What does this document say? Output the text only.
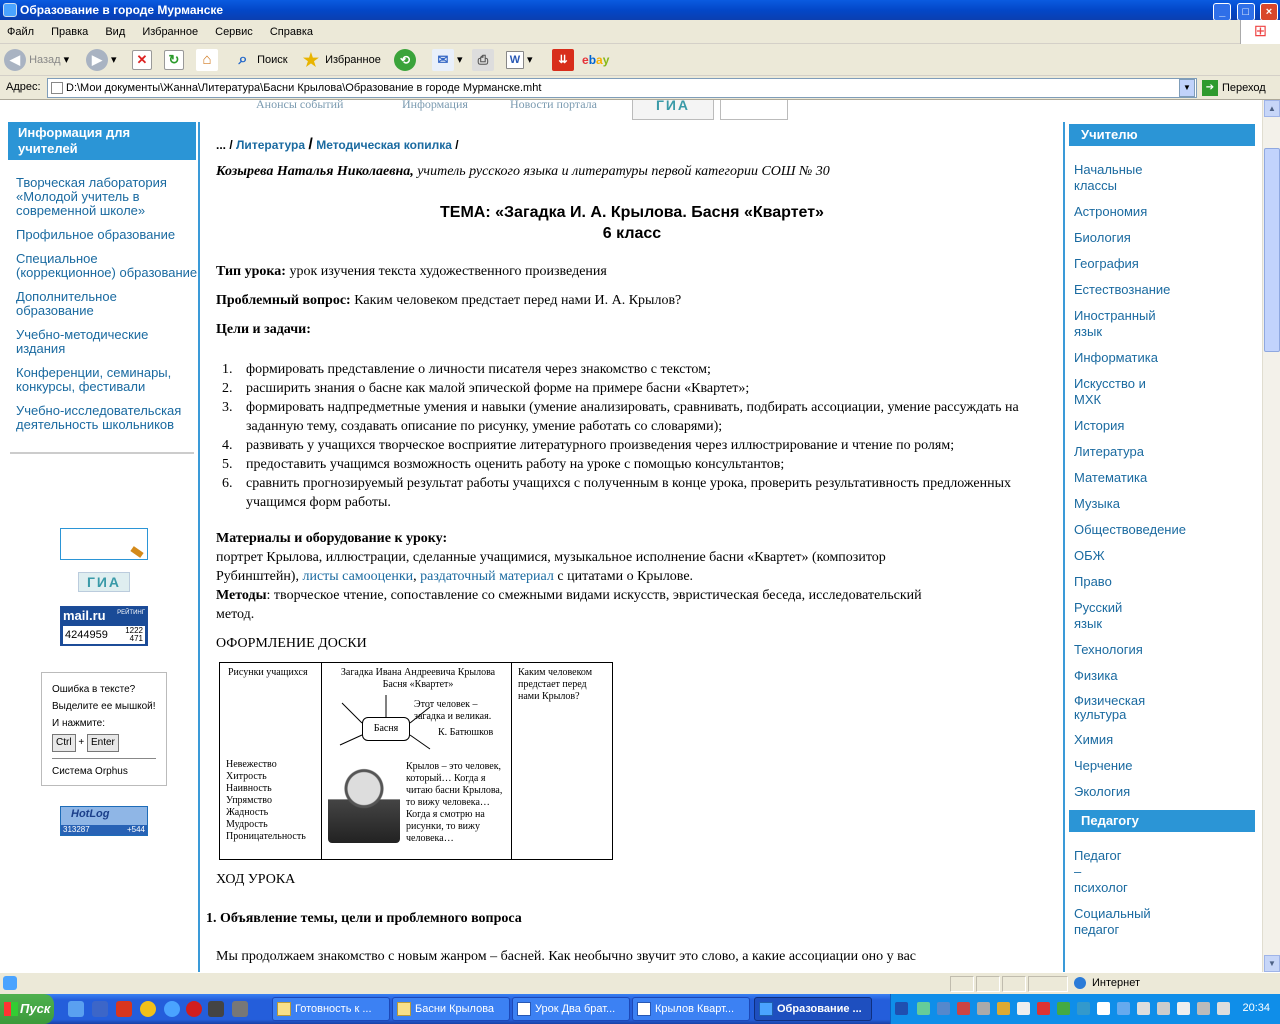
Образование в городе Мурманске	_ □ ×
Файл Правка Вид Избранное Сервис Справка	⊞
◀ Назад ▾	▶ ▾	✕	↻	⌂	⌕ Поиск ★ Избранное	⟲	✉ ▾	⎙	W ▾	⇊	ebay
Адрес:	D:\Мои документы\Жанна\Литература\Басни Крылова\Образование в городе Мурманске.mht	▼	➔ Переход
Анонсы событий	Информация	Новости портала	ГИА
Информация для учителей
Творческая лаборатория «Молодой учитель в современной школе»
Профильное образование
Специальное (коррекционное) образование
Дополнительное образование
Учебно-методические издания
Конференции, семинары, конкурсы, фестивали
Учебно-исследовательская деятельность школьников
ГИА
mail.ru РЕЙТИНГ
4244959	1222
471
Ошибка в тексте?
Выделите ее мышкой!
И нажмите:
Ctrl + Enter
Система Orphus
HotLog
313287	+544
... / Литература / Методическая копилка /
Козырева Наталья Николаевна, учитель русского языка и литературы первой категории СОШ № 30
ТЕМА: «Загадка И. А. Крылова. Басня «Квартет»
6 класс
Тип урока: урок изучения текста художественного произведения
Проблемный вопрос: Каким человеком предстает перед нами И. А. Крылов?
Цели и задачи:
1. формировать представление о личности писателя через знакомство с текстом;
2. расширить знания о басне как малой эпической форме на примере басни «Квартет»;
3. формировать надпредметные умения и навыки (умение анализировать, сравнивать, подбирать ассоциации, умение рассуждать на заданную тему, создавать описание по рисунку, умение работать со словарями);
4. развивать у учащихся творческое восприятие литературного произведения через иллюстрирование и чтение по ролям;
5. предоставить учащимся возможность оценить работу на уроке с помощью консультантов;
6. сравнить прогнозируемый результат работы учащихся с полученным в конце урока, проверить результативность предложенных учащимся форм работы.
Материалы и оборудование к уроку:
портрет Крылова, иллюстрации, сделанные учащимися, музыкальное исполнение басни «Квартет» (композитор
Рубинштейн), листы самооценки, раздаточный материал с цитатами о Крылове.
Методы: творческое чтение, сопоставление со смежными видами искусств, эвристическая беседа, исследовательский
метод.
ОФОРМЛЕНИЕ ДОСКИ
Рисунки учащихся
Невежество
Хитрость
Наивность
Упрямство
Жадность
Мудрость
Проницательность
Загадка Ивана Андреевича Крылова Басня «Квартет»
Басня
Этот человек – загадка и великая.
К. Батюшков
Крылов – это человек, который… Когда я читаю басни Крылова, то вижу человека… Когда я смотрю на рисунки, то вижу человека…
Каким человеком предстает перед нами Крылов?
ХОД УРОКА
1. Объявление темы, цели и проблемного вопроса
Мы продолжаем знакомство с новым жанром – басней. Как необычно звучит это слово, а какие ассоциации оно у вас
Учителю
Начальные классы
Астрономия
Биология
География
Естествознание
Иностранный язык
Информатика
Искусство и МХК
История
Литература
Математика
Музыка
Обществоведение
ОБЖ
Право
Русский язык
Технология
Физика
Физическая культура
Химия
Черчение
Экология
Педагогу
Педагог – психолог
Социальный педагог
▲
▼
Интернет
Пуск	Готовность к ...	Басни Крылова	Урок Два брат...	Крылов Кварт...	Образование ...	20:34
